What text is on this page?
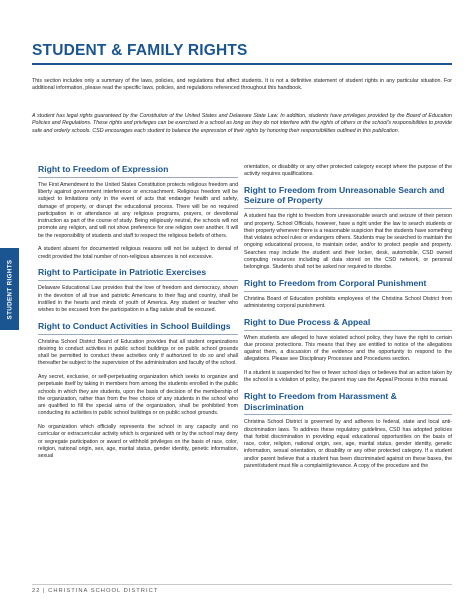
STUDENT & FAMILY RIGHTS

This section includes only a summary of the laws, policies, and regulations that affect students. It is not a definitive statement of student rights in any particular situation. For additional information, please read the specific laws, policies, and regulations referenced throughout this handbook.

A student has legal rights guaranteed by the Constitution of the United States and Delaware State Law. In addition, students have privileges provided by the Board of Education Policies and Regulations. These rights and privileges can be exercised in a school as long as they do not interfere with the rights of others or the school's responsibilities to provide safe and orderly schools. CSD encourages each student to balance the expression of their rights by honoring their responsibilities outlined in this publication.

STUDENT RIGHTS
Right to Freedom of Expression

The First Amendment to the United States Constitution protects religious freedom and liberty against government interference or encroachment. Religious freedom will be subject to limitations only in the event of acts that endanger health and safety, damage of property, or disrupt the educational process. There will be no required participation in or attendance at any religious programs, prayers, or devotional instruction as part of the course of study. Being religiously neutral, the schools will not promote any religion, and will not show preference for one religion over another. It will be the responsibility of students and staff to respect the religious beliefs of others.

A student absent for documented religious reasons will not be subject to denial of credit provided the total number of non-religious absences is not excessive.

Right to Participate in Patriotic Exercises

Delaware Educational Law provides that the love of freedom and democracy, shown in the devotion of all true and patriotic Americans to their flag and country, shall be instilled in the hearts and minds of youth of America. Any student or teacher who wishes to be excused from the participation in a flag salute shall be excused.

Right to Conduct Activities in School Buildings

Christina School District Board of Education provides that all student organizations desiring to conduct activities in public school buildings or on public school grounds shall be permitted to conduct these activities only if authorized to do so and shall thereafter be subject to the supervision of the administration and faculty of the school.

Any secret, exclusive, or self-perpetuating organization which seeks to organize and perpetuate itself by taking in members from among the students enrolled in the public schools in which they are students, upon the basis of decision of the membership of the organization, rather than from the free choice of any students in the school who are qualified to fill the special aims of the organization, shall be prohibited from conducting its activities in public school buildings or on public school grounds.

No organization which officially represents the school in any capacity and no curricular or extracurricular activity which is organized with or by the school may deny or segregate participation or award or withhold privileges on the basis of race, color, religion, national origin, sex, age, marital status, gender identity, genetic information, sexual

orientation, or disability or any other protected category except where the purpose of the activity requires qualifications.

Right to Freedom from Unreasonable Search and Seizure of Property

A student has the right to freedom from unreasonable search and seizure of their person and property. School Officials, however, have a right under the law to search students or their property whenever there is a reasonable suspicion that the students have something that violates school rules or endangers others. Students may be searched to maintain the ongoing educational process, to maintain order, and/or to protect people and property. Searches may include the student and their locker, desk, automobile, CSD owned computing resources including all data stored on the CSD network, or personal belongings. Students shall not be asked nor required to disrobe.

Right to Freedom from Corporal Punishment

Christina Board of Education prohibits employees of the Christina School District from administering corporal punishment.

Right to Due Process & Appeal

When students are alleged to have violated school policy, they have the right to certain due process protections. This means that they are entitled to notice of the allegations against them, a discussion of the evidence and the opportunity to respond to the allegations. Please see Disciplinary Processes and Procedures section.

If a student is suspended for five or fewer school days or believes that an action taken by the school is a violation of policy, the parent may use the Appeal Process in this manual.

Right to Freedom from Harassment & Discrimination

Christina School District is governed by and adheres to federal, state and local anti-discrimination laws. To address these regulatory guidelines, CSD has adopted policies that forbid discrimination in providing equal educational opportunities on the basis of race, color, religion, national origin, sex, age, marital status, gender identity, genetic information, sexual orientation, or disability or any other protected category. If a student and/or parent believe that a student has been discriminated against on these bases, the parent/student must file a complaint/grievance. A copy of the procedure and the

22 | CHRISTINA SCHOOL DISTRICT
